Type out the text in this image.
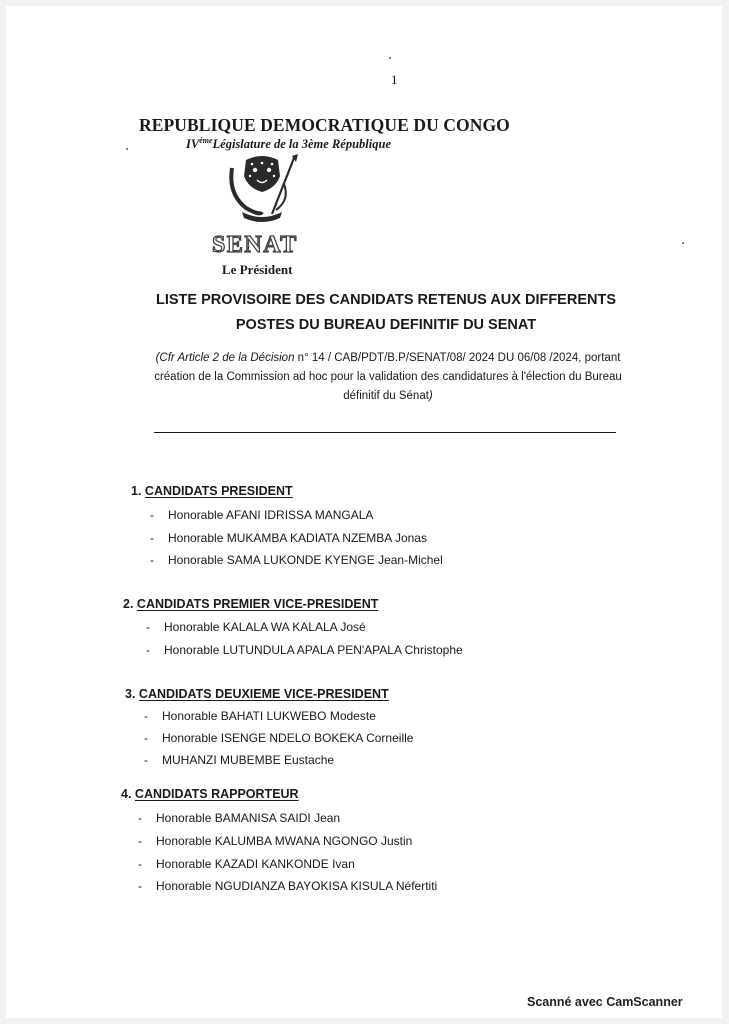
1
REPUBLIQUE DEMOCRATIQUE DU CONGO
IVèmeLégislature de la 3ème République
SENAT
Le Président
LISTE PROVISOIRE DES CANDIDATS RETENUS AUX DIFFERENTS
POSTES DU BUREAU DEFINITIF DU SENAT
(Cfr Article 2 de la Décision n° 14 / CAB/PDT/B.P/SENAT/08/ 2024 DU 06/08 /2024, portant
création de la Commission ad hoc pour la validation des candidatures à l'élection du Bureau
définitif du Sénat)
1. CANDIDATS PRESIDENT
- Honorable AFANI IDRISSA MANGALA
- Honorable MUKAMBA KADIATA NZEMBA Jonas
- Honorable SAMA LUKONDE KYENGE Jean-Michel
2. CANDIDATS PREMIER VICE-PRESIDENT
- Honorable KALALA WA KALALA José
- Honorable LUTUNDULA APALA PEN'APALA Christophe
3. CANDIDATS DEUXIEME VICE-PRESIDENT
- Honorable BAHATI LUKWEBO Modeste
- Honorable ISENGE NDELO BOKEKA Corneille
- MUHANZI MUBEMBE Eustache
4. CANDIDATS RAPPORTEUR
- Honorable BAMANISA SAIDI Jean
- Honorable KALUMBA MWANA NGONGO Justin
- Honorable KAZADI KANKONDE Ivan
- Honorable NGUDIANZA BAYOKISA KISULA Néfertiti
Scanné avec CamScanner
